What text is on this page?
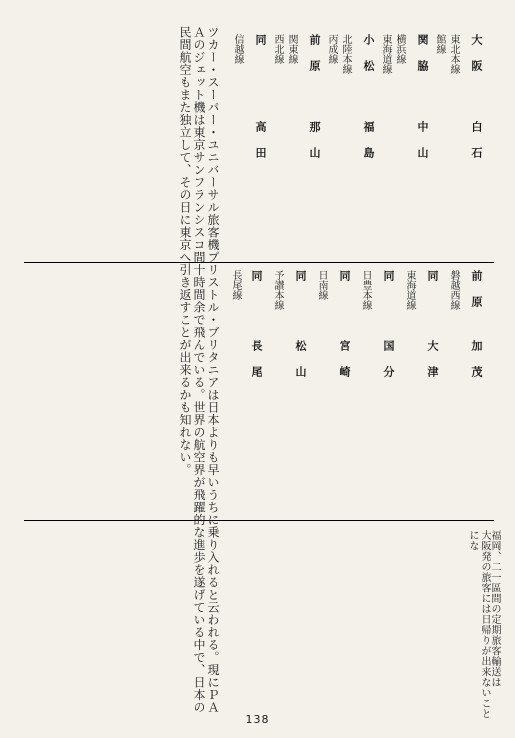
ツカー・スーパー・ユニバーサル旅客機プリストル・ブリタニアは日本よりも早いうちに乗り入れると云われる。現にＰＡＡのジェット機は東京サンフランシスコ間十時間余で飛んでいる。世界の航空界が飛躍的な進歩を遂げている中で、日本の民間航空もまた独立して、その日に東京へ引き返すことが出来るかも知れない。	大 阪
白 石
東北本線
館線
関 脇
中 山
横浜線
東海道線
小 松
福 島
北陸本線
丙成線
前 原
那 山
関東線
西北線
同
高 田
信越線
前 原
加 茂
磐越西線
同
大 津
東海道線
同
国 分
日豊本線
同
宮 崎
日南線
同
松 山
予讃本線
同
長 尾
長尾線
大阪発の旅客には日帰りが出来ないことにな	福岡、二一區間の定期旅客輸送は
138
